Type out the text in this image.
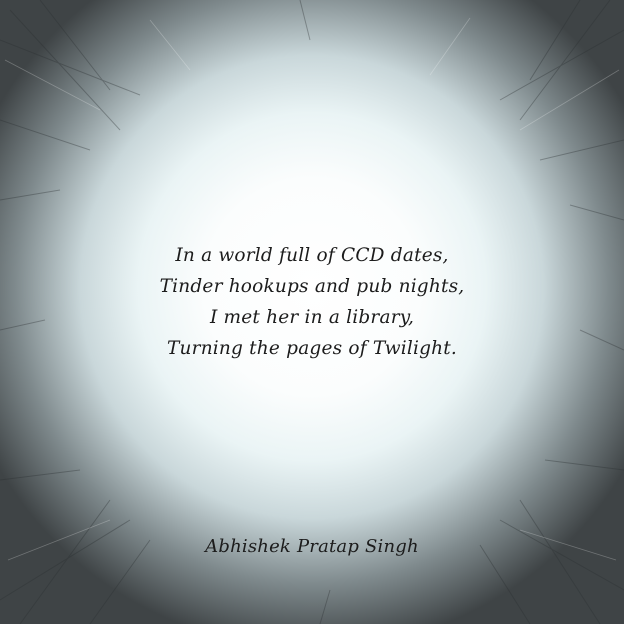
In a world full of CCD dates,
Tinder hookups and pub nights,
I met her in a library,
Turning the pages of Twilight.

Abhishek Pratap Singh
